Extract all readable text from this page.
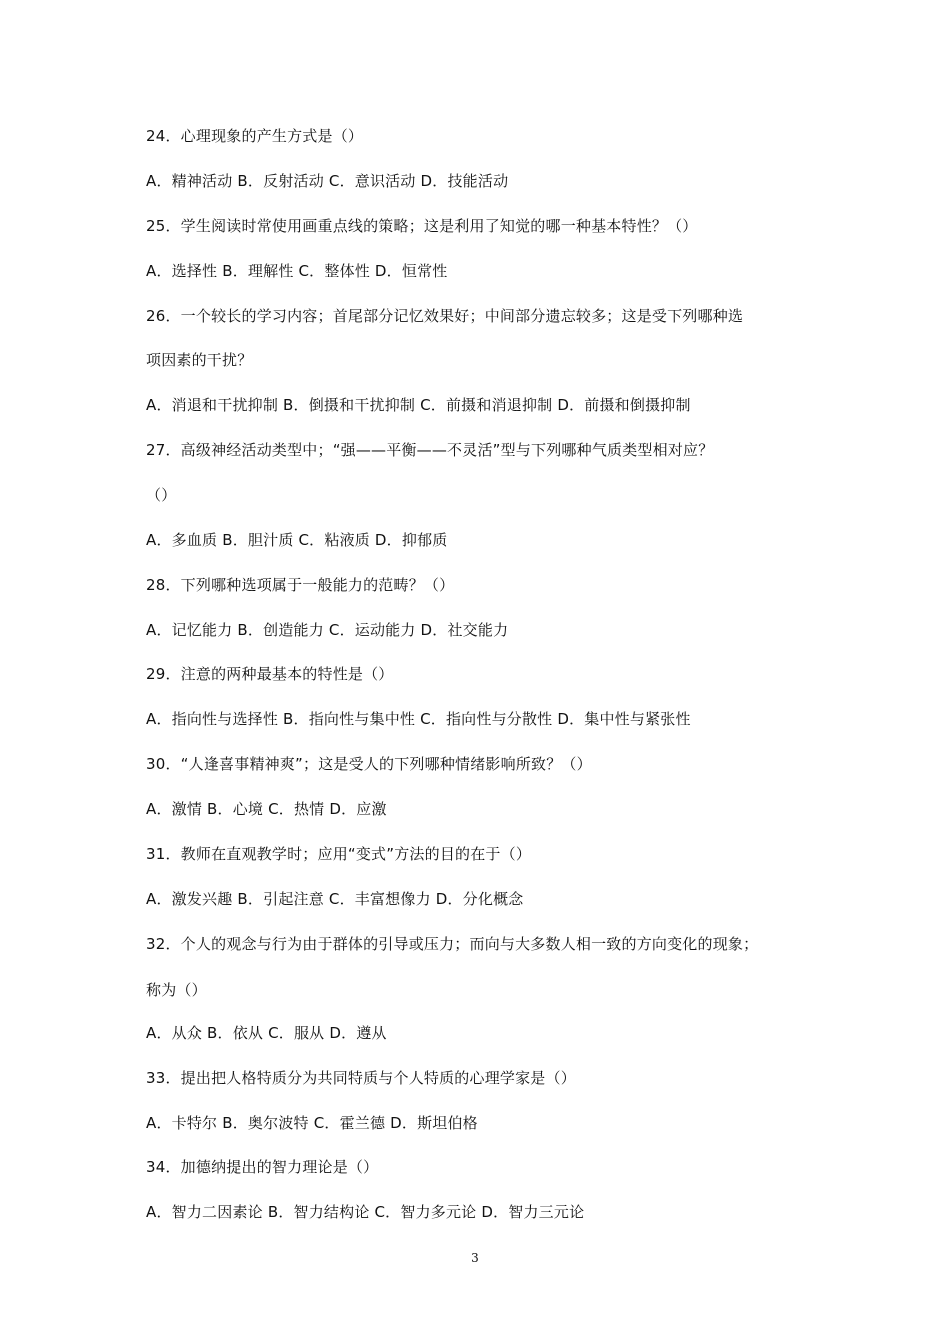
24．心理现象的产生方式是（）
A．精神活动 B．反射活动 C．意识活动 D．技能活动
25．学生阅读时常使用画重点线的策略；这是利用了知觉的哪一种基本特性？（）
A．选择性 B．理解性 C．整体性 D．恒常性
26．一个较长的学习内容；首尾部分记忆效果好；中间部分遗忘较多；这是受下列哪种选
项因素的干扰？
A．消退和干扰抑制 B．倒摄和干扰抑制 C．前摄和消退抑制 D．前摄和倒摄抑制
27．高级神经活动类型中；“强——平衡——不灵活”型与下列哪种气质类型相对应？
（）
A．多血质 B．胆汁质 C．粘液质 D．抑郁质
28．下列哪种选项属于一般能力的范畴？（）
A．记忆能力 B．创造能力 C．运动能力 D．社交能力
29．注意的两种最基本的特性是（）
A．指向性与选择性 B．指向性与集中性 C．指向性与分散性 D．集中性与紧张性
30．“人逢喜事精神爽”；这是受人的下列哪种情绪影响所致？（）
A．激情 B．心境 C．热情 D．应激
31．教师在直观教学时；应用“变式”方法的目的在于（）
A．激发兴趣 B．引起注意 C．丰富想像力 D．分化概念
32．个人的观念与行为由于群体的引导或压力；而向与大多数人相一致的方向变化的现象；
称为（）
A．从众 B．依从 C．服从 D．遵从
33．提出把人格特质分为共同特质与个人特质的心理学家是（）
A．卡特尔 B．奥尔波特 C．霍兰德 D．斯坦伯格
34．加德纳提出的智力理论是（）
A．智力二因素论 B．智力结构论 C．智力多元论 D．智力三元论
3
